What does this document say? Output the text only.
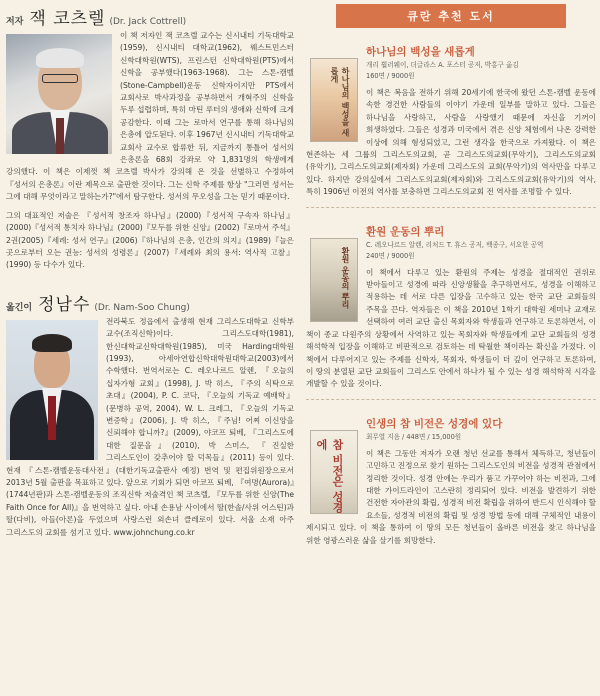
저자 잭 코츠렐 (Dr. Jack Cottrell)

이 책 저자인 잭 코츠렐 교수는 신시내티 기독대학교(1959), 신시내티 대학교(1962), 웨스트민스터 신학대학원(WTS), 프린스턴 신학대학원(PTS)에서 신학을 공부했다(1963-1968). 그는 스톤-캠벨(Stone-Campbell)운동 신학자이지만 PTS에서 교회사로 박사과정을 공부하면서 개혁주의 신학을 두루 섭렵하며, 특히 마틴 루터의 생애와 신학에 크게 공감한다. 이때 그는 로마서 연구를 통해 하나님의 은총에 압도된다. 이후 1967년 신시내티 기독대학교 교회사 교수로 합류한 뒤, 지금까지 통틀어 성서의 은총론을 68회 강좌로 약 1,831명의 학생에게 강의했다. 이 책은 이제껏 책 코츠렐 박사가 강의해 온 것을 선별하고 수정하여 『성서의 은총론』이란 제목으로 출판한 것이다. 그는 신학 주제를 항상 "그러면 성서는 그에 대해 무엇이라고 말하는가?"에서 탐구한다. 성서의 무오성을 그는 믿기 때문이다.

그의 대표적인 저술은 『성서적 창조자 하나님』(2000)『성서적 구속자 하나님』(2000)『성서적 통치자 하나님』(2000)『모두를 위한 신앙』(2002)『로마서 주석』2권(2005)『세례: 성서 연구』(2006)『하나님의 은총, 인간의 의지』(1989)『늘은 곳으로부터 오는 권능: 성서의 성령론』(2007)『세례와 최의 용서: 역사적 고찰』(1990) 등 다수가 있다.
옮긴이 정남수 (Dr. Nam-Soo Chung)

전라북도 정읍에서 출생해 현재 그리스도대학교 신학부 교수(조직신학)이다. 그리스도대학(1981), 한신대학교신학대학원(1985), 미국 Harding대학원(1993), 아세아연합신학대학원대학교(2003)에서 수학했다. 번역서로는 C. 레오나르드 알렌, 『오늘의 십자가형 교회』(1998), J. 박 히스, 『주의 식탁으로 초대』(2004), P. C. 코닥, 『오늘의 기독교 예배학』(문병하 공역, 2004), W. L. 크레그, 『오늘의 기독교 변증학』(2006), J. 박 히스, 『주님! 어찌 이신앙을 신뢰해야 합니까?』(2009), 야코프 퇴베, 『그리스도에 대한 질문을』(2010), 박 스미스, 『진실한 그리스도인이 갖추어야 할 덕목들』(2011) 등이 있다. 현재 『스톤-캠벨운동대사전』(대한기독교출판사 예정) 번역 및 편집위원장으로서 2013년 5월 출판을 목표하고 있다. 앞으로 기회가 되면 아코프 퇴베, 『여명(Aurora)』(1744년판)과 스톤-캠벨운동의 조직신학 저술격인 책 코츠렐, 『모두를 위한 신앙(The Faith Once for All)』을 번역하고 싶다. 아내 손용남 사이에서 딸(한솔/사위 어스틴)과 딸(다비), 아들(아론)을 두었으며 사랑스런 외손녀 클레로이 있다. 서울 소재 아주 그리스도의 교회를 섬기고 있다. www.johnchung.co.kr

큐란 추천 도서
하나님의 백성을 새롭게
하나님의 백성을 새롭게
개리 훨러웨이, 더글라스 A. 포스터 공저, 박홍구 옮김
160면 / 9000원
이 책은 복음을 전하기 위해 20세기에 한국에 왔던 스톤-캠벨 운동에 속한 경건한 사람들의 이야기 가운데 일부를 말하고 있다. 그들은 하나님을 사랑하고, 사람을 사랑했기 때문에 자신을 기꺼이 희생하였다. 그들은 성경과 미국에서 겪은 신앙 체험에서 나온 강력한 이상에 의해 형성되었고, 그런 생각을 한국으로 가져왔다. 이 책은 현존하는 세 그룹의 그리스도의교회, 곧 그리스도의교회(무악기), 그리스도의교회(유악기), 그리스도의교회(제자회) 가운데 그리스도의 교회(무악기)의 역사만을 다루고 있다. 하지만 강의실에서 그리스도의교회(제자회)와 그리스도의교회(유악기)의 역사, 특히 1906년 이전의 역사를 보충하면 그리스도의교회 전 역사를 조명할 수 있다.
환원 운동의 뿌리
환원 운동의 뿌리
C. 레오나르드 알렌, 리처드 T. 휴스 공저, 백종구, 서요한 공역
240면 / 9000원
이 책에서 다루고 있는 환원의 주제는 성경을 절대적인 권위로 받아들이고 성경에 따라 신앙생활을 추구하면서도, 성경을 이해하고 적용하는 데 서로 다른 입장을 고수하고 있는 한국 교단 교회들의 주목을 끈다. 역자들은 이 책을 2010년 1학기 대학원 세미나 교재로 선택하여 여러 교단 출신 목회자와 학생들과 연구하고 토론하면서, 이 책이 종교 다원주의 상황에서 사역하고 있는 목회자와 학생들에게 교단 교회들의 성경 해석학적 입장을 이해하고 비판적으로 검토하는 데 탁월한 책이라는 확신을 가졌다. 이 책에서 다루어지고 있는 주제를 신학자, 목회자, 학생들이 더 깊이 연구하고 토론하여, 이 땅의 분열된 교단 교회들이 그리스도 안에서 하나가 될 수 있는 성경 해석학적 시각을 개발할 수 있을 것이다.
참 비전은 성경에
인생의 참 비전은 성경에 있다
최무열 지음 / 448면 / 15,000원
이 책은 그동안 저자가 오랜 청년 선교를 통해서 체득하고, 청년들이 고민하고 진정으로 찾기 원하는 그리스도인의 비전을 성경적 관점에서 정리한 것이다. 성경 안에는 우리가 품고 가꾸어야 하는 비전과, 그에 대한 가이드라인이 고스란히 정리되어 있다. 비전을 발견하기 위한 건전한 자아관의 확립, 성경적 비전 확립을 위하여 반드시 인식해야 할 요소들, 성경적 비전의 확립 및 성경 방법 등에 대해 구체적인 내용이 제시되고 있다. 이 책을 통하여 이 땅의 모든 청년들이 올바른 비전을 찾고 하나님을 위한 영광스러운 삶을 살기를 희망한다.
